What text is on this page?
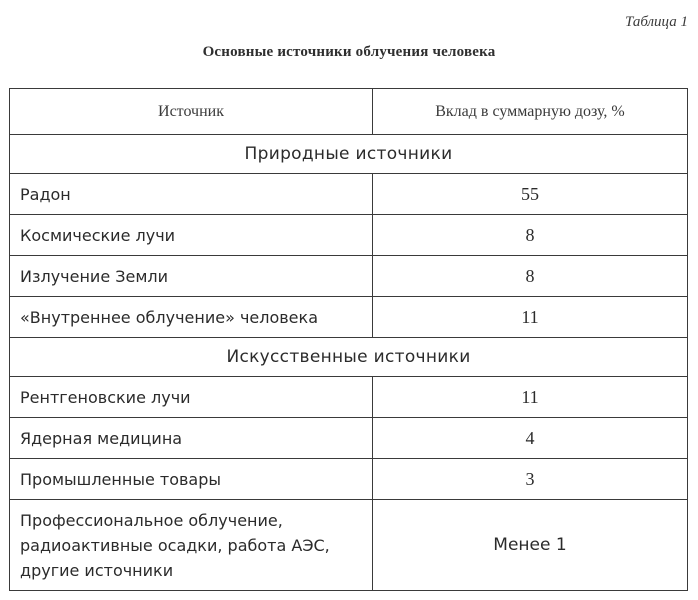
Таблица 1
Основные источники облучения человека
Источник	Вклад в суммарную дозу, %
Природные источники	
Радон	55
Космические лучи	8
Излучение Земли	8
«Внутреннее облучение» человека	11
Искусственные источники	
Рентгеновские лучи	11
Ядерная медицина	4
Промышленные товары	3
Профессиональное облучение, радиоактивные осадки, работа АЭС, другие источники	Менее 1
